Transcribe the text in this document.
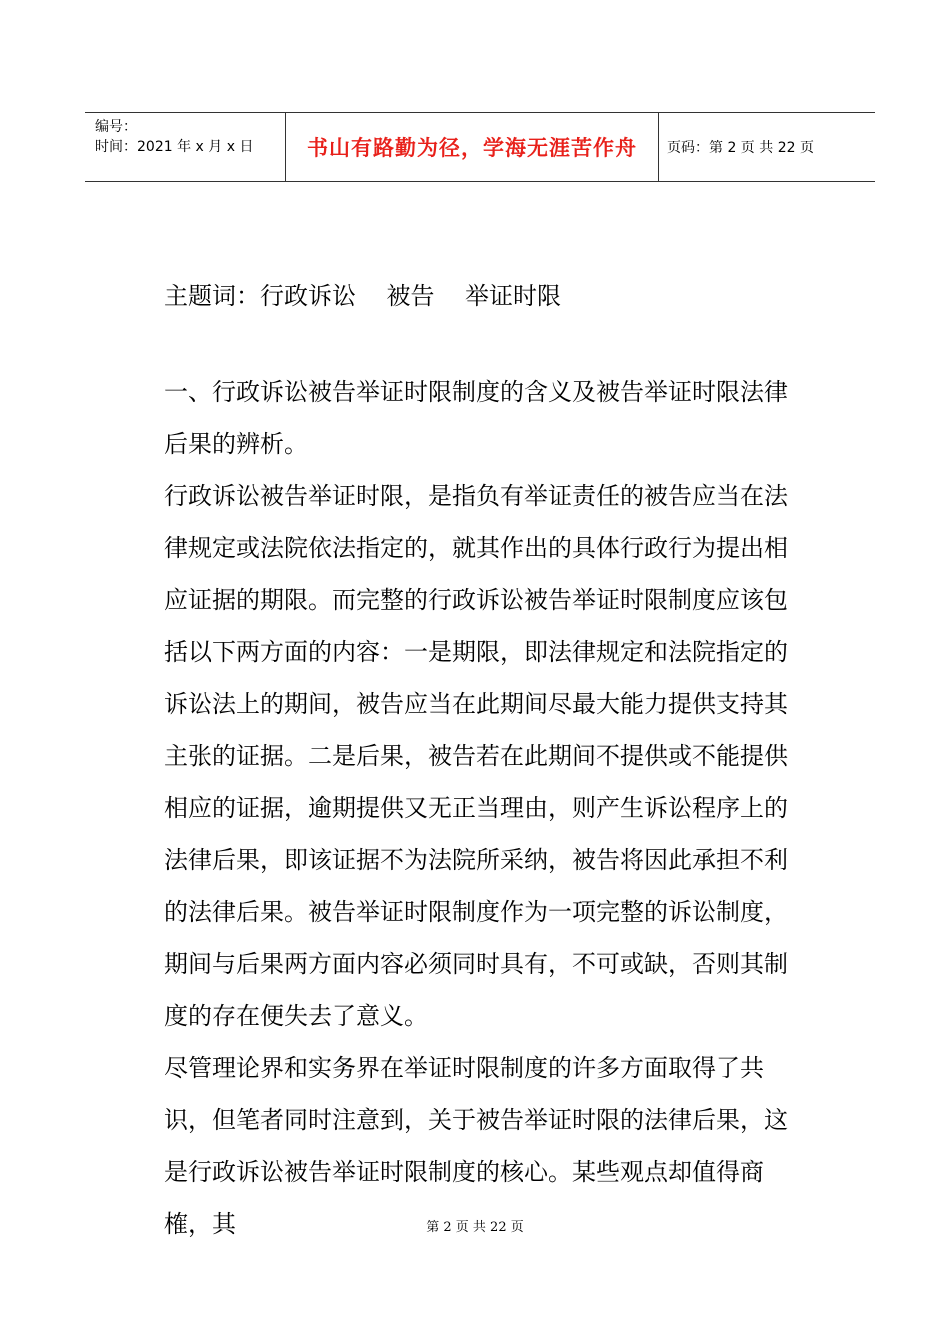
编号：
时间：2021 年 x 月 x 日	书山有路勤为径，学海无涯苦作舟	页码：第 2 页 共 22 页
主题词：行政诉讼    被告    举证时限

一、行政诉讼被告举证时限制度的含义及被告举证时限法律后果的辨析。

行政诉讼被告举证时限，是指负有举证责任的被告应当在法律规定或法院依法指定的，就其作出的具体行政行为提出相应证据的期限。而完整的行政诉讼被告举证时限制度应该包括以下两方面的内容：一是期限，即法律规定和法院指定的诉讼法上的期间，被告应当在此期间尽最大能力提供支持其主张的证据。二是后果，被告若在此期间不提供或不能提供相应的证据，逾期提供又无正当理由，则产生诉讼程序上的法律后果，即该证据不为法院所采纳，被告将因此承担不利的法律后果。被告举证时限制度作为一项完整的诉讼制度，期间与后果两方面内容必须同时具有，不可或缺，否则其制度的存在便失去了意义。

尽管理论界和实务界在举证时限制度的许多方面取得了共识，但笔者同时注意到，关于被告举证时限的法律后果，这是行政诉讼被告举证时限制度的核心。某些观点却值得商榷，其	第 2 页 共 22 页
